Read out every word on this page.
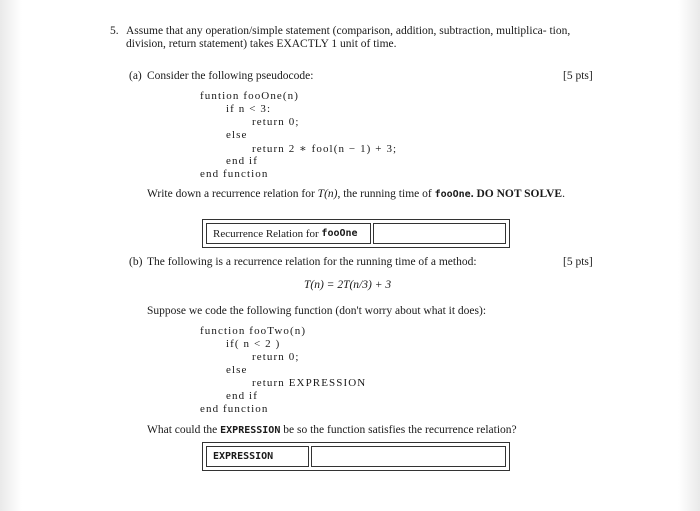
5. Assume that any operation/simple statement (comparison, addition, subtraction, multiplica- tion, division, return statement) takes EXACTLY 1 unit of time.
(a) Consider the following pseudocode:	[5 pts]
funtion fooOne(n)
if n < 3:
return 0;
else
return 2 ∗ fool(n − 1) + 3;
end if
end function
Write down a recurrence relation for T(n), the running time of fooOne. DO NOT SOLVE.
Recurrence Relation for
fooOne
(b) The following is a recurrence relation for the running time of a method:	[5 pts]
T(n) = 2T(n/3) + 3
Suppose we code the following function (don't worry about what it does):
function fooTwo(n)
if( n < 2 )
return 0;
else
return EXPRESSION
end if
end function
What could the EXPRESSION be so the function satisfies the recurrence relation?
EXPRESSION
